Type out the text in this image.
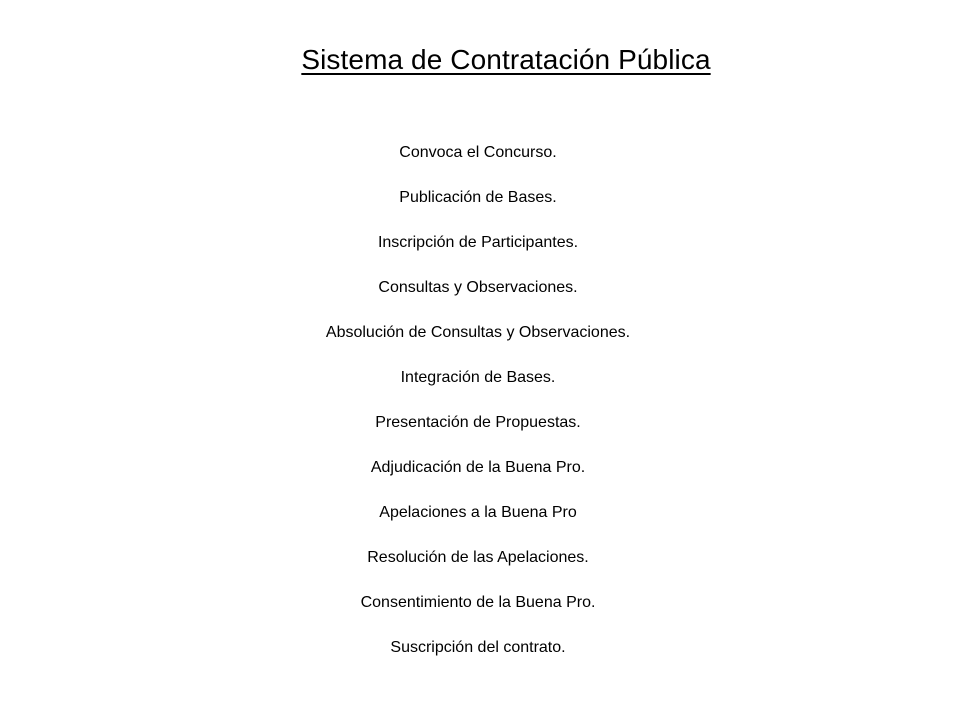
Sistema de Contratación Pública
Convoca el Concurso.
Publicación de Bases.
Inscripción de Participantes.
Consultas y Observaciones.
Absolución de Consultas y Observaciones.
Integración de Bases.
Presentación de Propuestas.
Adjudicación de la Buena Pro.
Apelaciones a la Buena Pro
Resolución de las Apelaciones.
Consentimiento de la Buena Pro.
Suscripción del contrato.
